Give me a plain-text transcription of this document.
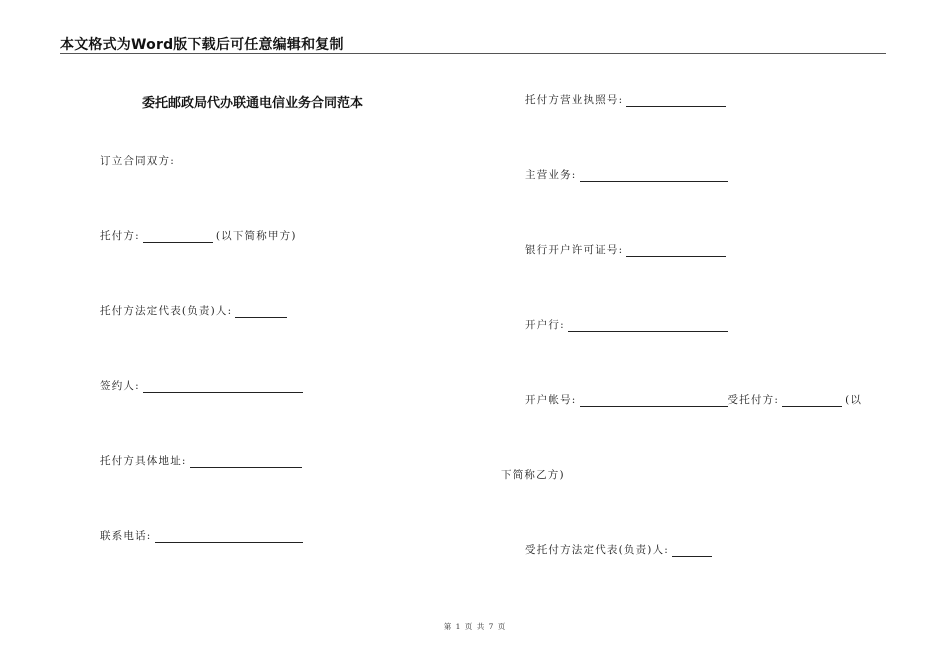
本文格式为Word版下载后可任意编辑和复制
委托邮政局代办联通电信业务合同范本
订立合同双方:
托付方:	(以下简称甲方)
托付方法定代表(负责)人:
签约人:
托付方具体地址:
联系电话:
托付方营业执照号:
主营业务:
银行开户许可证号:
开户行:
开户帐号:	受托付方:	(以
下简称乙方)
受托付方法定代表(负责)人:
第 1 页 共 7 页
